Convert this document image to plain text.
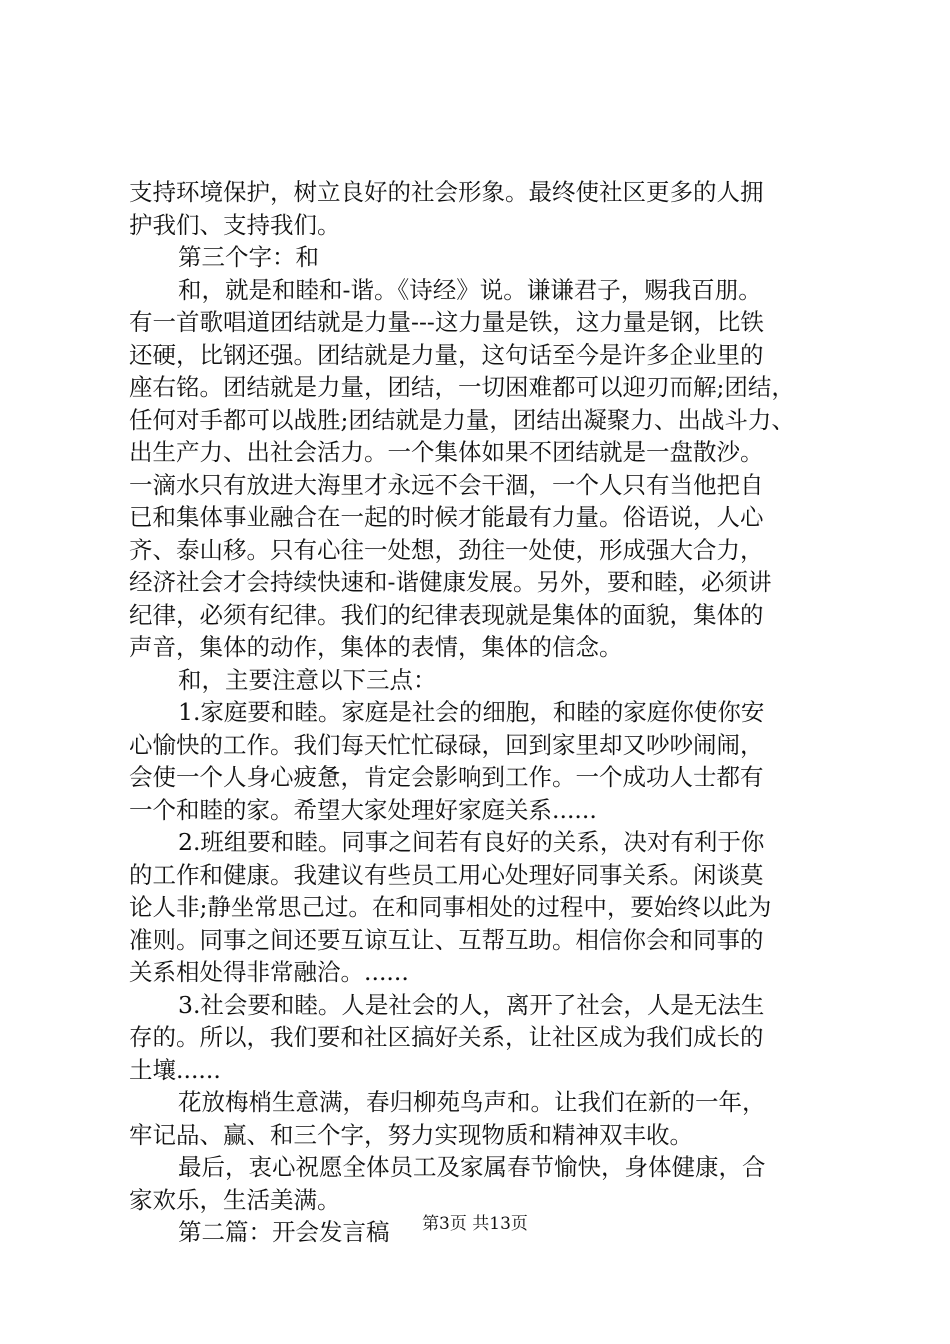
支持环境保护，树立良好的社会形象。最终使社区更多的人拥
护我们、支持我们。
第三个字：和
和，就是和睦和-谐。《诗经》说。谦谦君子，赐我百朋。
有一首歌唱道团结就是力量---这力量是铁，这力量是钢，比铁
还硬，比钢还强。团结就是力量，这句话至今是许多企业里的
座右铭。团结就是力量，团结，一切困难都可以迎刃而解;团结，
任何对手都可以战胜;团结就是力量，团结出凝聚力、出战斗力、
出生产力、出社会活力。一个集体如果不团结就是一盘散沙。
一滴水只有放进大海里才永远不会干涸，一个人只有当他把自
已和集体事业融合在一起的时候才能最有力量。俗语说，人心
齐、泰山移。只有心往一处想，劲往一处使，形成强大合力，
经济社会才会持续快速和-谐健康发展。另外，要和睦，必须讲
纪律，必须有纪律。我们的纪律表现就是集体的面貌，集体的
声音，集体的动作，集体的表情，集体的信念。
和，主要注意以下三点：
1.家庭要和睦。家庭是社会的细胞，和睦的家庭你使你安
心愉快的工作。我们每天忙忙碌碌，回到家里却又吵吵闹闹，
会使一个人身心疲惫，肯定会影响到工作。一个成功人士都有
一个和睦的家。希望大家处理好家庭关系......
2.班组要和睦。同事之间若有良好的关系，决对有利于你
的工作和健康。我建议有些员工用心处理好同事关系。闲谈莫
论人非;静坐常思己过。在和同事相处的过程中，要始终以此为
准则。同事之间还要互谅互让、互帮互助。相信你会和同事的
关系相处得非常融洽。......
3.社会要和睦。人是社会的人，离开了社会，人是无法生
存的。所以，我们要和社区搞好关系，让社区成为我们成长的
土壤......
花放梅梢生意满，春归柳苑鸟声和。让我们在新的一年，
牢记品、赢、和三个字，努力实现物质和精神双丰收。
最后，衷心祝愿全体员工及家属春节愉快，身体健康，合
家欢乐，生活美满。
第二篇：开会发言稿	第3页 共13页
